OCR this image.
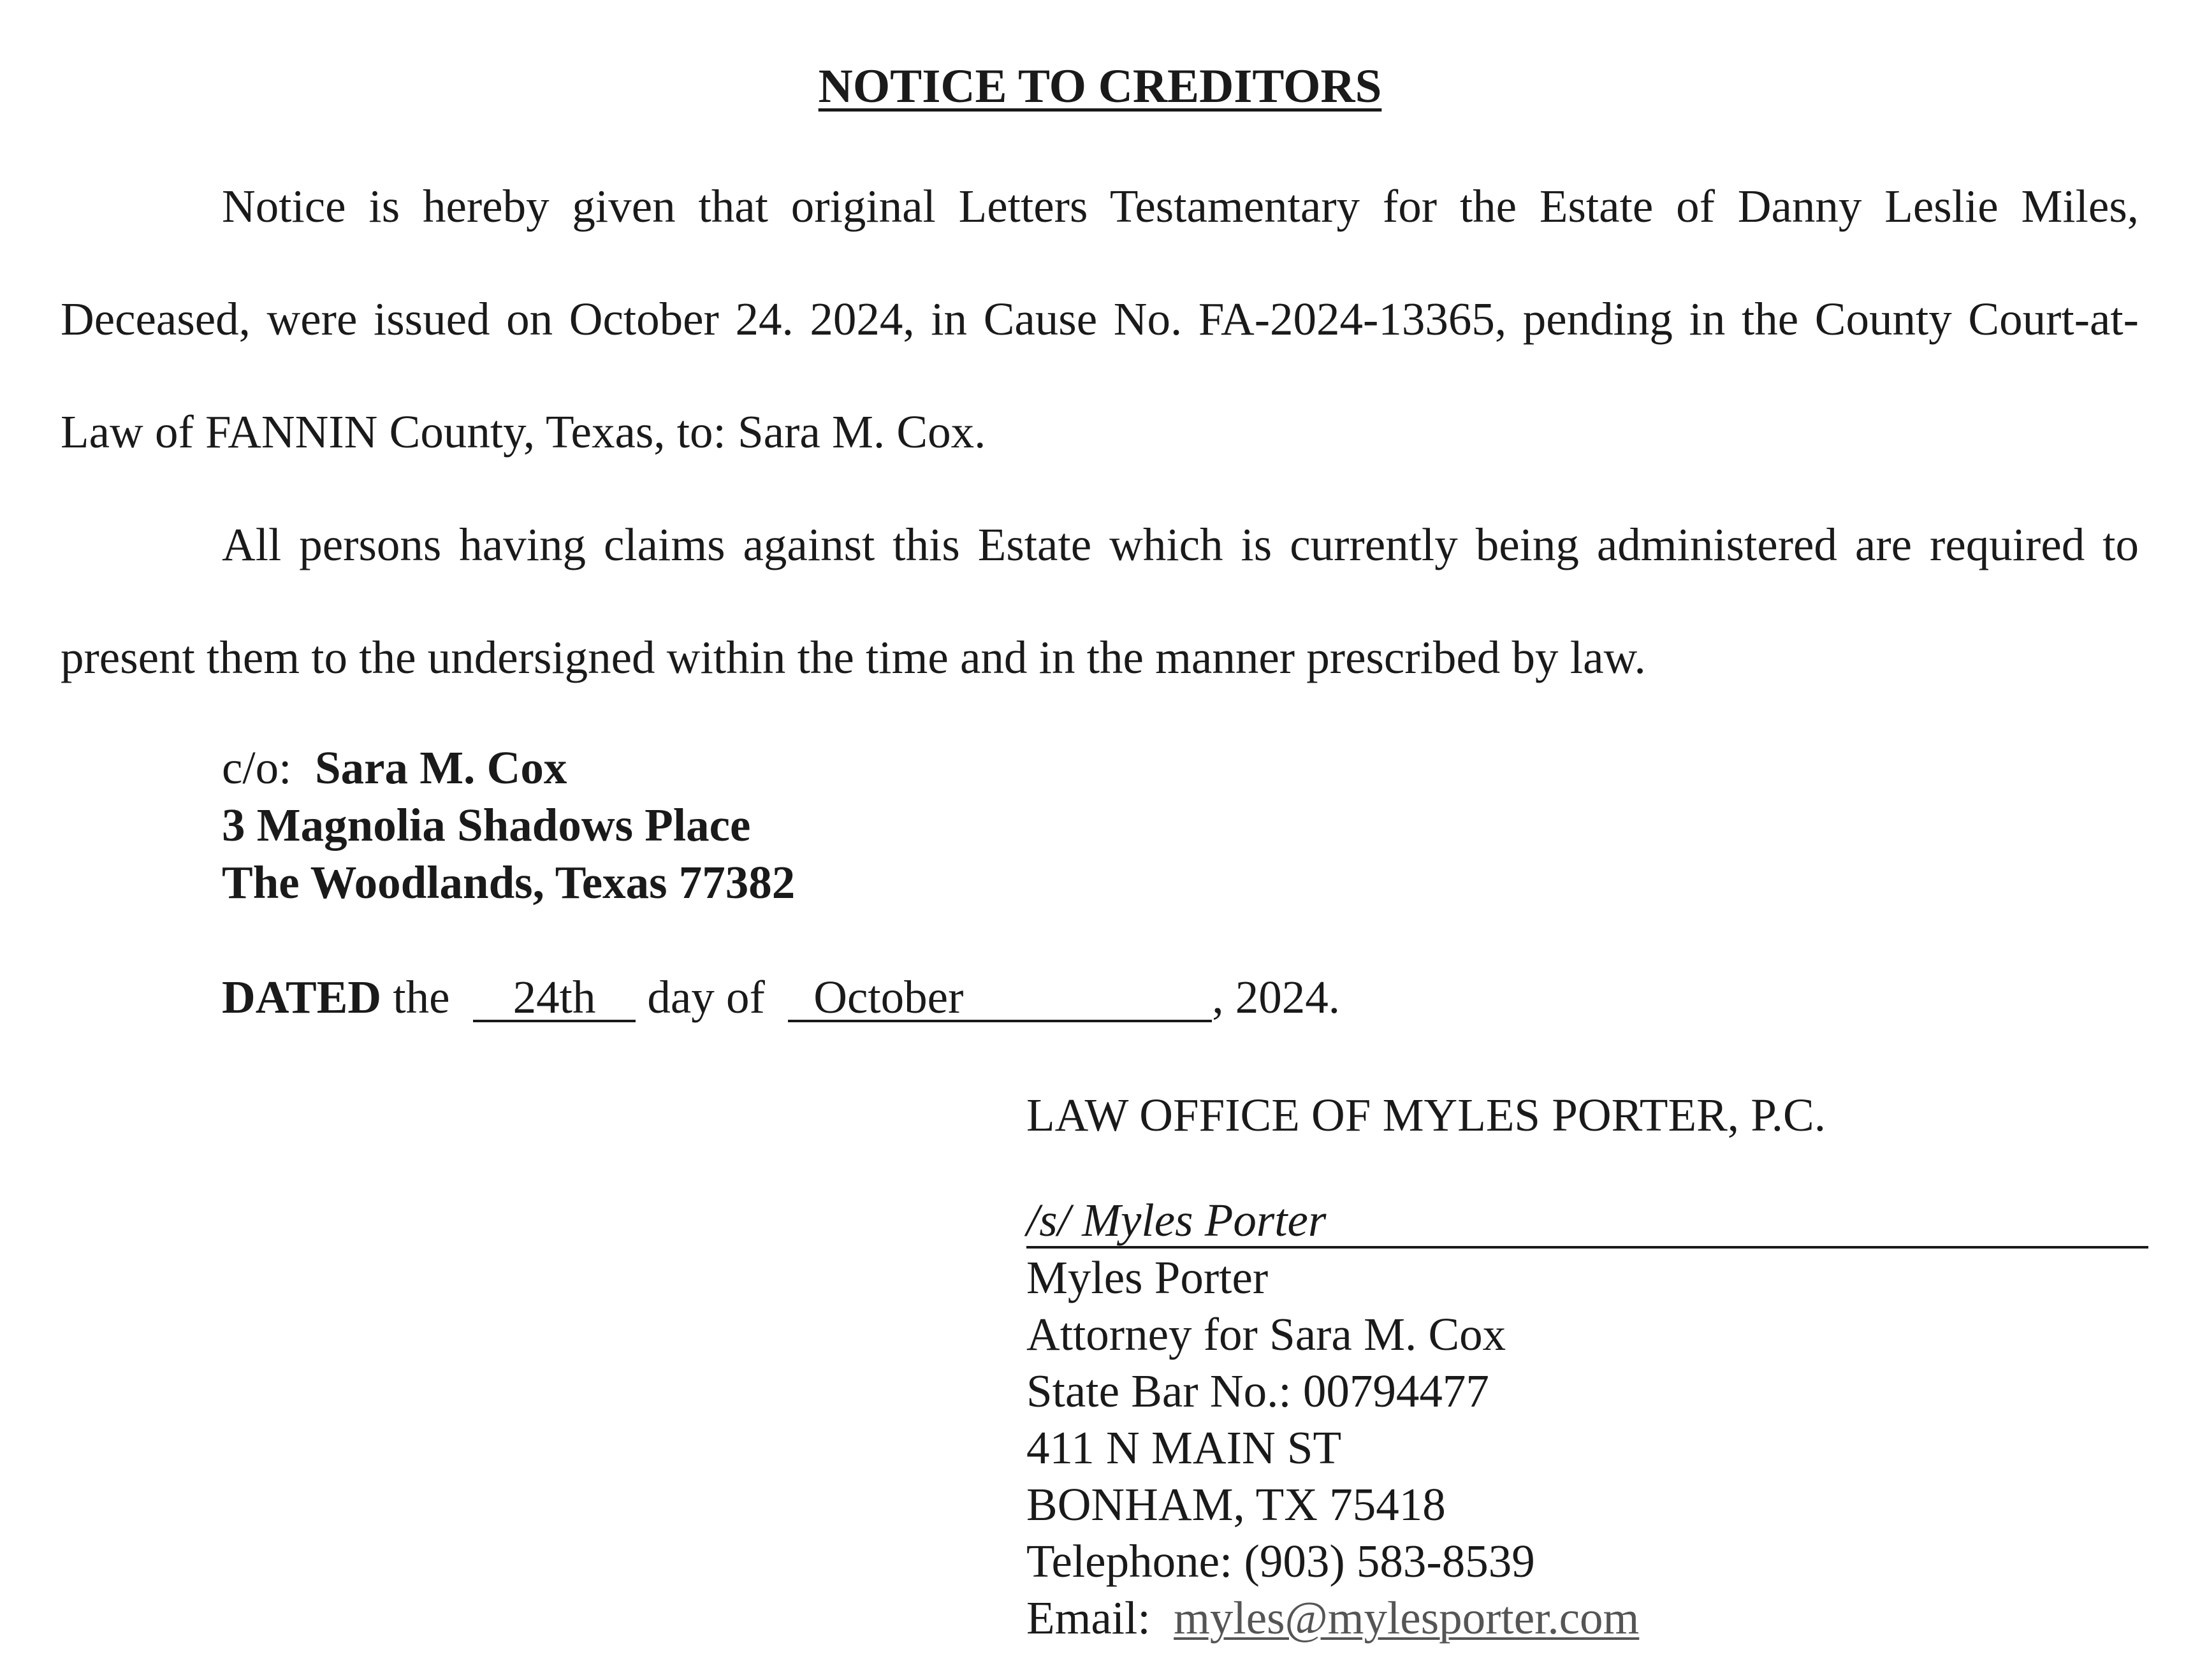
NOTICE TO CREDITORS

Notice is hereby given that original Letters Testamentary for the Estate of Danny Leslie Miles, Deceased, were issued on October 24. 2024, in Cause No. FA-2024-13365, pending in the County Court-at-Law of FANNIN County, Texas, to: Sara M. Cox.

All persons having claims against this Estate which is currently being administered are required to present them to the undersigned within the time and in the manner prescribed by law.

c/o: Sara M. Cox
3 Magnolia Shadows Place
The Woodlands, Texas 77382
DATED the 24th day of October	, 2024.
LAW OFFICE OF MYLES PORTER, P.C.
/s/ Myles Porter
Myles Porter
Attorney for Sara M. Cox
State Bar No.: 00794477
411 N MAIN ST
BONHAM, TX 75418
Telephone: (903) 583-8539
Email: myles@mylesporter.com
